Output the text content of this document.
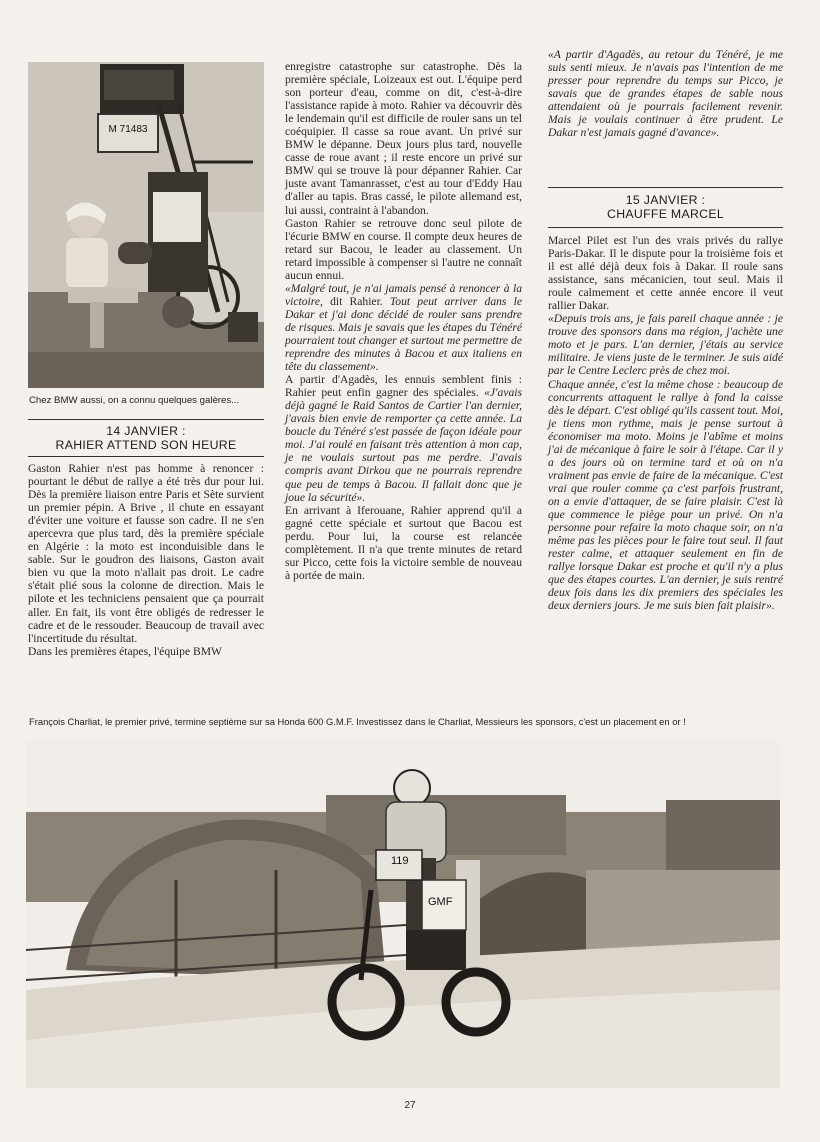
M 71483
Chez BMW aussi, on a connu quelques galères...
14 JANVIER :
RAHIER ATTEND SON HEURE

Gaston Rahier n'est pas homme à renoncer : pourtant le début de rallye a été très dur pour lui. Dès la première liaison entre Paris et Sète survient un premier pépin. A Brive , il chute en essayant d'éviter une voiture et fausse son cadre. Il ne s'en apercevra que plus tard, dès la première spéciale en Algérie : la moto est inconduisible dans le sable. Sur le goudron des liaisons, Gaston avait bien vu que la moto n'allait pas droit. Le cadre s'était plié sous la colonne de direction. Mais le pilote et les techniciens pensaient que ça pourrait aller. En fait, ils vont être obligés de redresser le cadre et de le ressouder. Beaucoup de travail avec l'incertitude du résultat.

Dans les premières étapes, l'équipe BMW

enregistre catastrophe sur catastrophe. Dès la première spéciale, Loizeaux est out. L'équipe perd son porteur d'eau, comme on dit, c'est-à-dire l'assistance rapide à moto. Rahier va découvrir dès le lendemain qu'il est difficile de rouler sans un tel coéquipier. Il casse sa roue avant. Un privé sur BMW le dépanne. Deux jours plus tard, nouvelle casse de roue avant ; il reste encore un privé sur BMW qui se trouve là pour dépanner Rahier. Car juste avant Tamanrasset, c'est au tour d'Eddy Hau d'aller au tapis. Bras cassé, le pilote allemand est, lui aussi, contraint à l'abandon.

Gaston Rahier se retrouve donc seul pilote de l'écurie BMW en course. Il compte deux heures de retard sur Bacou, le leader au classement. Un retard impossible à compenser si l'autre ne connaît aucun ennui.

«Malgré tout, je n'ai jamais pensé à renoncer à la victoire, dit Rahier. Tout peut arriver dans le Dakar et j'ai donc décidé de rouler sans prendre de risques. Mais je savais que les étapes du Ténéré pourraient tout changer et surtout me permettre de reprendre des minutes à Bacou et aux italiens en tête du classement».

A partir d'Agadès, les ennuis semblent finis : Rahier peut enfin gagner des spéciales. «J'avais déjà gagné le Raid Santos de Cartier l'an dernier, j'avais bien envie de remporter ça cette année. La boucle du Ténéré s'est passée de façon idéale pour moi. J'ai roulé en faisant très attention à mon cap, je ne voulais surtout pas me perdre. J'avais compris avant Dirkou que ne pourrais reprendre que peu de temps à Bacou. Il fallait donc que je joue la sécurité».

En arrivant à Iferouane, Rahier apprend qu'il a gagné cette spéciale et surtout que Bacou est perdu. Pour lui, la course est relancée complètement. Il n'a que trente minutes de retard sur Picco, cette fois la victoire semble de nouveau à portée de main.

«A partir d'Agadès, au retour du Ténéré, je me suis senti mieux. Je n'avais pas l'intention de me presser pour reprendre du temps sur Picco, je savais que de grandes étapes de sable nous attendaient où je pourrais facilement revenir. Mais je voulais continuer à être prudent. Le Dakar n'est jamais gagné d'avance».

15 JANVIER :
CHAUFFE MARCEL

Marcel Pilet est l'un des vrais privés du rallye Paris-Dakar. Il le dispute pour la troisième fois et il est allé déjà deux fois à Dakar. Il roule sans assistance, sans mécanicien, tout seul. Mais il roule calmement et cette année encore il veut rallier Dakar.

«Depuis trois ans, je fais pareil chaque année : je trouve des sponsors dans ma région, j'achète une moto et je pars. L'an dernier, j'étais au service militaire. Je viens juste de le terminer. Je suis aidé par le Centre Leclerc près de chez moi.

Chaque année, c'est la même chose : beaucoup de concurrents attaquent le rallye à fond la caisse dès le départ. C'est obligé qu'ils cassent tout. Moi, je tiens mon rythme, mais je pense surtout à économiser ma moto. Moins je l'abîme et moins j'ai de mécanique à faire le soir à l'étape. Car il y a des jours où on termine tard et où on n'a vraiment pas envie de faire de la mécanique. C'est vrai que rouler comme ça c'est parfois frustrant, on a envie d'attaquer, de se faire plaisir. C'est là que commence le piège pour un privé. On n'a personne pour refaire la moto chaque soir, on n'a même pas les pièces pour le faire tout seul. Il faut rester calme, et attaquer seulement en fin de rallye lorsque Dakar est proche et qu'il n'y a plus que des étapes courtes. L'an dernier, je suis rentré deux fois dans les dix premiers des spéciales les deux derniers jours. Je me suis bien fait plaisir».

François Charliat, le premier privé, termine septième sur sa Honda 600 G.M.F. Investissez dans le Charliat, Messieurs les sponsors, c'est un placement en or !
119
GMF
27
